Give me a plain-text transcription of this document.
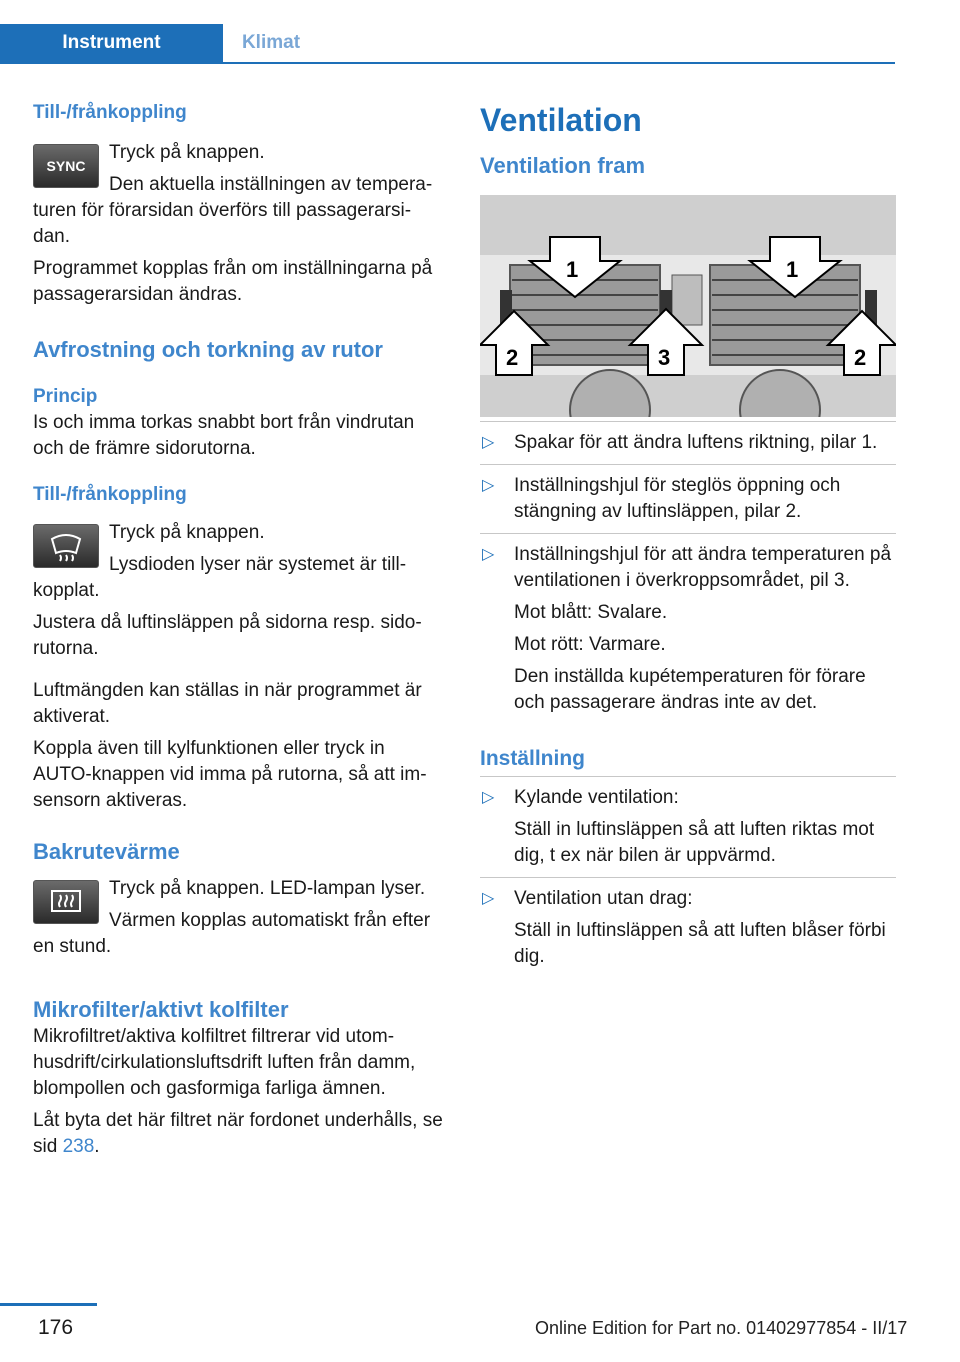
Instrument	Klimat

Till-/frånkoppling

SYNC

Tryck på knappen.

Den aktuella inställningen av tempera-turen för förarsidan överförs till passagerarsi-dan.

Programmet kopplas från om inställningarna på passagerarsidan ändras.

Avfrostning och torkning av rutor

Princip

Is och imma torkas snabbt bort från vindrutan och de främre sidorutorna.

Till-/frånkoppling

Tryck på knappen.

Lysdioden lyser när systemet är till-kopplat.

Justera då luftinsläppen på sidorna resp. sido-rutorna.

Luftmängden kan ställas in när programmet är aktiverat.

Koppla även till kylfunktionen eller tryck in AUTO-knappen vid imma på rutorna, så att im-sensorn aktiveras.

Bakrutevärme

Tryck på knappen. LED-lampan lyser.

Värmen kopplas automatiskt från efter en stund.

Mikrofilter/aktivt kolfilter

Mikrofiltret/aktiva kolfiltret filtrerar vid utom-husdrift/cirkulationsluftsdrift luften från damm, blompollen och gasformiga farliga ämnen.

Låt byta det här filtret när fordonet underhålls, se sid 238.

Ventilation

Ventilation fram

1	1
2	3	2
▷ Spakar för att ändra luftens riktning, pilar 1.
▷ Inställningshjul för steglös öppning och stängning av luftinsläppen, pilar 2.
▷ Inställningshjul för att ändra temperaturen på ventilationen i överkroppsområdet, pil 3.
Mot blått: Svalare.
Mot rött: Varmare.
Den inställda kupétemperaturen för förare och passagerare ändras inte av det.

Inställning

▷ Kylande ventilation:
Ställ in luftinsläppen så att luften riktas mot dig, t ex när bilen är uppvärmd.
▷ Ventilation utan drag:
Ställ in luftinsläppen så att luften blåser förbi dig.
176	Online Edition for Part no. 01402977854 - II/17
